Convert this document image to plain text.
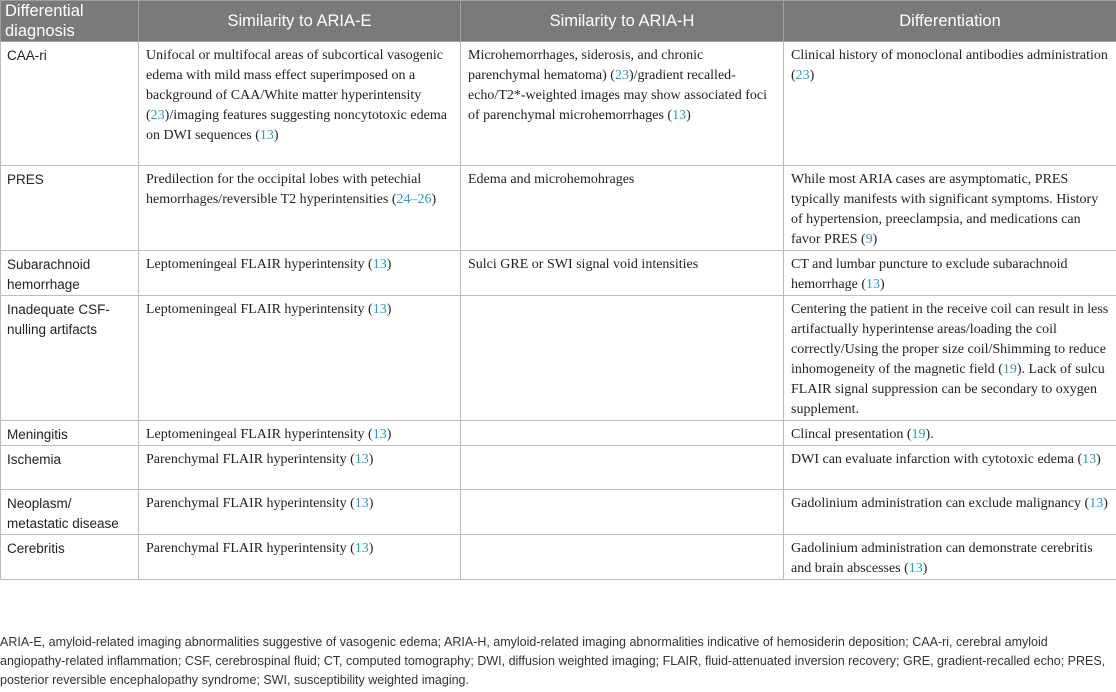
Differential diagnosis	Similarity to ARIA-E	Similarity to ARIA-H	Differentiation
CAA-ri	Unifocal or multifocal areas of subcortical vasogenic edema with mild mass effect superimposed on a background of CAA/White matter hyperintensity (23)/imaging features suggesting noncytotoxic edema on DWI sequences (13)	Microhemorrhages, siderosis, and chronic parenchymal hematoma) (23)/gradient recalled-echo/T2*-weighted images may show associated foci of parenchymal microhemorrhages (13)	Clinical history of monoclonal antibodies administration (23)
PRES	Predilection for the occipital lobes with petechial hemorrhages/reversible T2 hyperintensities (24–26)	Edema and microhemohrages	While most ARIA cases are asymptomatic, PRES typically manifests with significant symptoms. History of hypertension, preeclampsia, and medications can favor PRES (9)
Subarachnoid hemorrhage	Leptomeningeal FLAIR hyperintensity (13)	Sulci GRE or SWI signal void intensities	CT and lumbar puncture to exclude subarachnoid hemorrhage (13)
Inadequate CSF-nulling artifacts	Leptomeningeal FLAIR hyperintensity (13)		Centering the patient in the receive coil can result in less artifactually hyperintense areas/loading the coil correctly/Using the proper size coil/Shimming to reduce inhomogeneity of the magnetic field (19). Lack of sulcu FLAIR signal suppression can be secondary to oxygen supplement.
Meningitis	Leptomeningeal FLAIR hyperintensity (13)		Clincal presentation (19).
Ischemia	Parenchymal FLAIR hyperintensity (13)		DWI can evaluate infarction with cytotoxic edema (13)
Neoplasm/ metastatic disease	Parenchymal FLAIR hyperintensity (13)		Gadolinium administration can exclude malignancy (13)
Cerebritis	Parenchymal FLAIR hyperintensity (13)		Gadolinium administration can demonstrate cerebritis and brain abscesses (13)
ARIA-E, amyloid-related imaging abnormalities suggestive of vasogenic edema; ARIA-H, amyloid-related imaging abnormalities indicative of hemosiderin deposition; CAA-ri, cerebral amyloid angiopathy-related inflammation; CSF, cerebrospinal fluid; CT, computed tomography; DWI, diffusion weighted imaging; FLAIR, fluid-attenuated inversion recovery; GRE, gradient-recalled echo; PRES, posterior reversible encephalopathy syndrome; SWI, susceptibility weighted imaging.
